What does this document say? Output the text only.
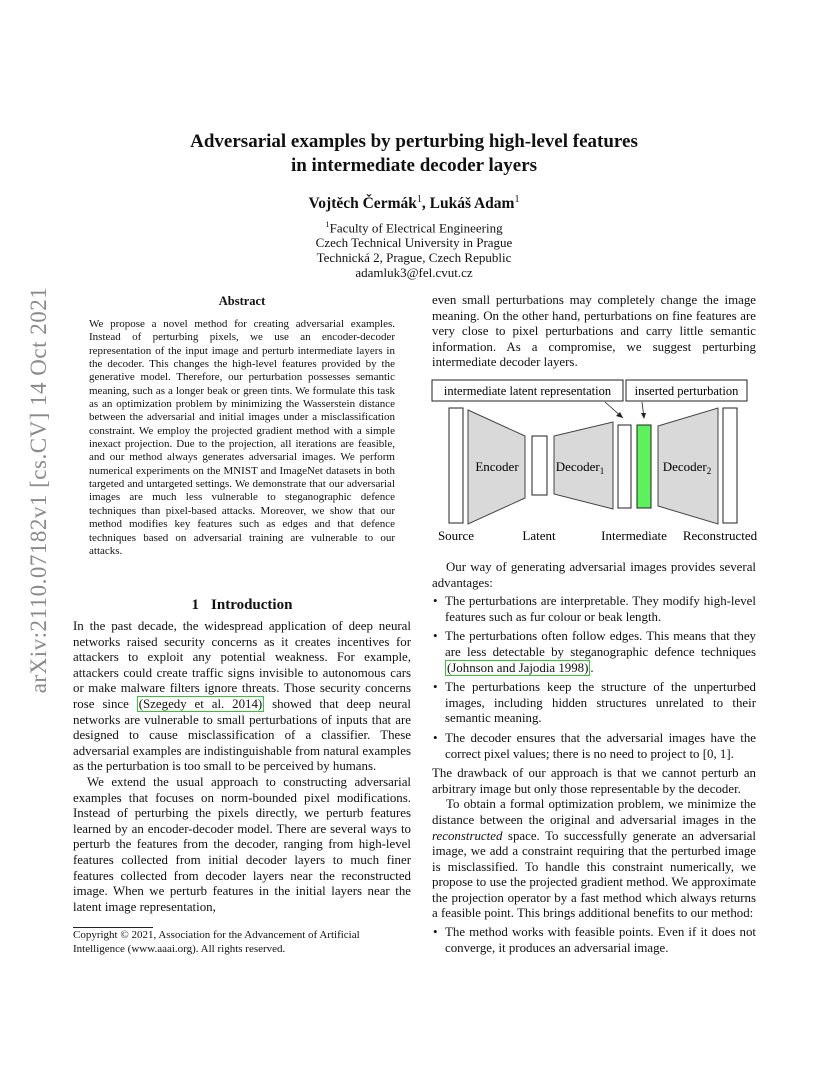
arXiv:2110.07182v1 [cs.CV] 14 Oct 2021
Adversarial examples by perturbing high-level features
in intermediate decoder layers
Vojtěch Čermák$^1$, Lukáš Adam$^1$
$^1$Faculty of Electrical Engineering
Czech Technical University in Prague
Technická 2, Prague, Czech Republic
adamluk3@fel.cvut.cz
Abstract
We propose a novel method for creating adversarial examples. Instead of perturbing pixels, we use an encoder-decoder representation of the input image and perturb intermediate layers in the decoder. This changes the high-level features provided by the generative model. Therefore, our perturbation possesses semantic meaning, such as a longer beak or green tints. We formulate this task as an optimization problem by minimizing the Wasserstein distance between the adversarial and initial images under a misclassification constraint. We employ the projected gradient method with a simple inexact projection. Due to the projection, all iterations are feasible, and our method always generates adversarial images. We perform numerical experiments on the MNIST and ImageNet datasets in both targeted and untargeted settings. We demonstrate that our adversarial images are much less vulnerable to steganographic defence techniques than pixel-based attacks. Moreover, we show that our method modifies key features such as edges and that defence techniques based on adversarial training are vulnerable to our attacks.
1 Introduction

In the past decade, the widespread application of deep neural networks raised security concerns as it creates incentives for attackers to exploit any potential weakness. For example, attackers could create traffic signs invisible to autonomous cars or make malware filters ignore threats. Those security concerns rose since (Szegedy et al. 2014) showed that deep neural networks are vulnerable to small perturbations of inputs that are designed to cause misclassification of a classifier. These adversarial examples are indistinguishable from natural examples as the perturbation is too small to be perceived by humans.

We extend the usual approach to constructing adversarial examples that focuses on norm-bounded pixel modifications. Instead of perturbing the pixels directly, we perturb features learned by an encoder-decoder model. There are several ways to perturb the features from the decoder, ranging from high-level features collected from initial decoder layers to much finer features collected from decoder layers near the reconstructed image. When we perturb features in the initial layers near the latent image representation,

Copyright © 2021, Association for the Advancement of Artificial Intelligence (www.aaai.org). All rights reserved.
even small perturbations may completely change the image meaning. On the other hand, perturbations on fine features are very close to pixel perturbations and carry little semantic information. As a compromise, we suggest perturbing intermediate decoder layers.
intermediate latent representation inserted perturbation
Encoder	Decoder$_1$	Decoder$_2$
Source	Latent	Intermediate Reconstructed

Our way of generating adversarial images provides several advantages:

• The perturbations are interpretable. They modify high-level features such as fur colour or beak length.
• The perturbations often follow edges. This means that they are less detectable by steganographic defence techniques (Johnson and Jajodia 1998) .
• The perturbations keep the structure of the unperturbed images, including hidden structures unrelated to their semantic meaning.
• The decoder ensures that the adversarial images have the correct pixel values; there is no need to project to [0, 1].

The drawback of our approach is that we cannot perturb an arbitrary image but only those representable by the decoder.

To obtain a formal optimization problem, we minimize the distance between the original and adversarial images in the reconstructed space. To successfully generate an adversarial image, we add a constraint requiring that the perturbed image is misclassified. To handle this constraint numerically, we propose to use the projected gradient method. We approximate the projection operator by a fast method which always returns a feasible point. This brings additional benefits to our method:

• The method works with feasible points. Even if it does not converge, it produces an adversarial image.
